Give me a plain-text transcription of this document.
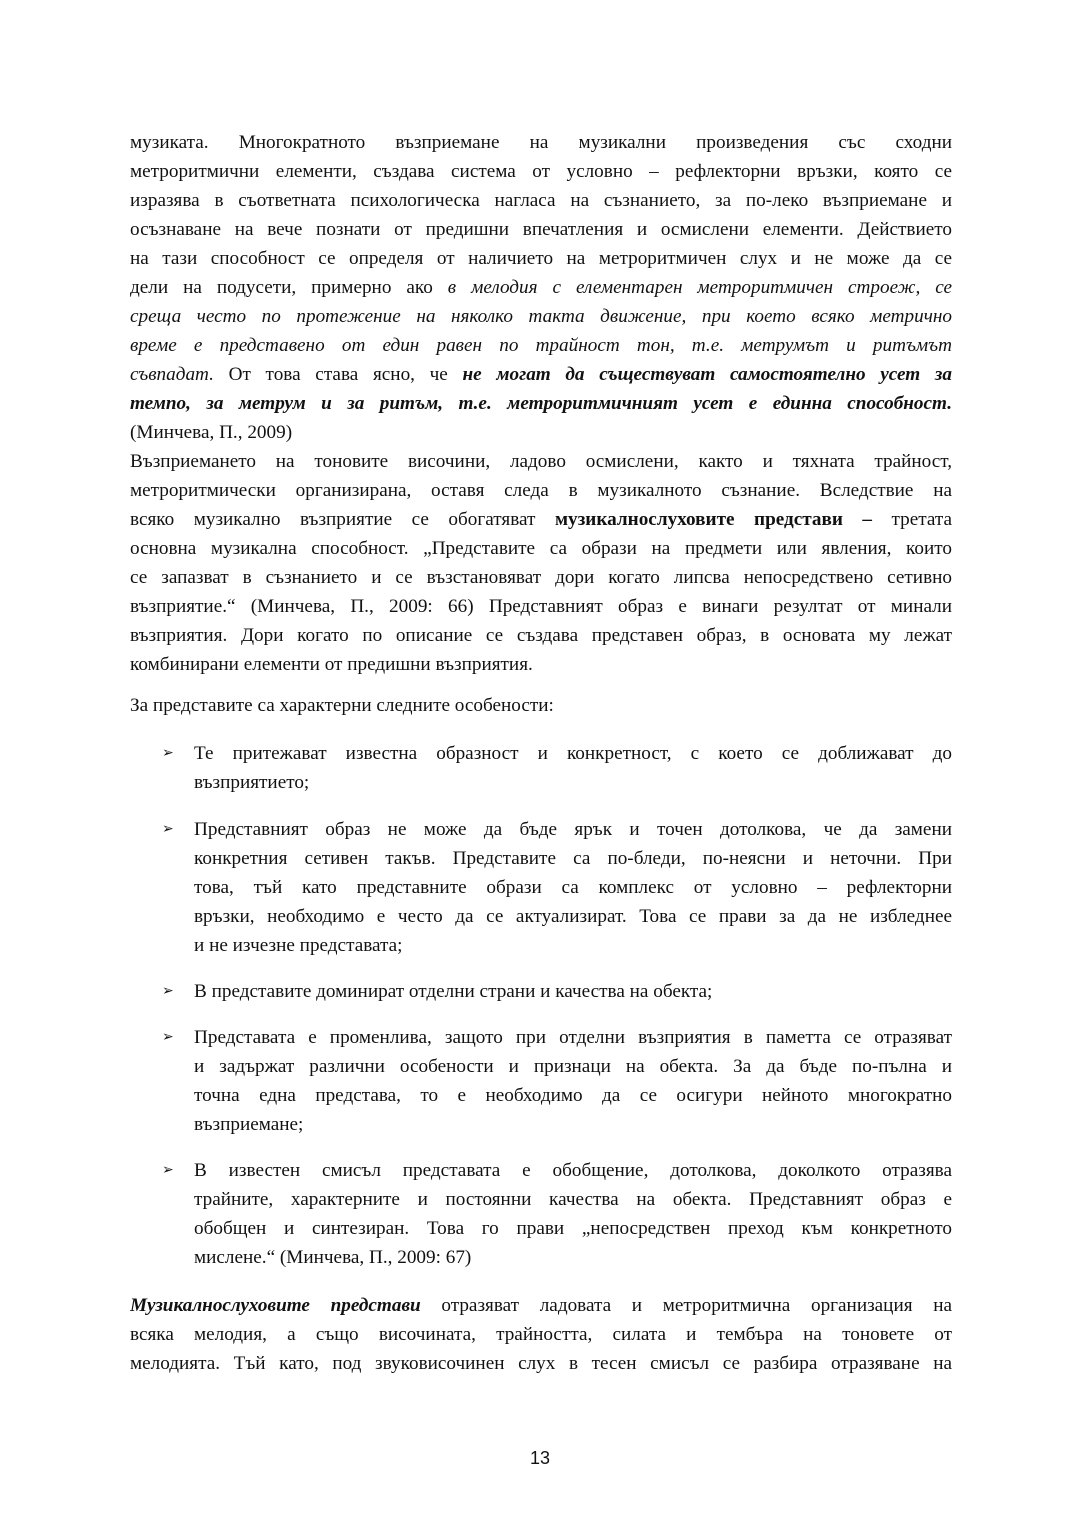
музиката. Многократното възприемане на музикални произведения със сходни
метроритмични елементи, създава система от условно – рефлекторни връзки, която се
изразява в съответната психологическа нагласа на съзнанието, за по-леко възприемане и
осъзнаване на вече познати от предишни впечатления и осмислени елементи. Действието
на тази способност се определя от наличието на метроритмичен слух и не може да се
дели на подусети, примерно ако в мелодия с елементарен метроритмичен строеж, се
среща често по протежение на няколко такта движение, при което всяко метрично
време е представено от един равен по трайност тон, т.е. метрумът и ритъмът
съвпадат. От това става ясно, че не могат да съществуват самостоятелно усет за
темпо, за метрум и за ритъм, т.е. метроритмичният усет е единна способност.
(Минчева, П., 2009)
Възприемането на тоновите височини, ладово осмислени, както и тяхната трайност,
метроритмически организирана, оставя следа в музикалното съзнание. Вследствие на
всяко музикално възприятие се обогатяват музикалнослуховите представи – третата
основна музикална способност. „Представите са образи на предмети или явления, които
се запазват в съзнанието и се възстановяват дори когато липсва непосредствено сетивно
възприятие.“ (Минчева, П., 2009: 66) Представният образ е винаги резултат от минали
възприятия. Дори когато по описание се създава представен образ, в основата му лежат
комбинирани елементи от предишни възприятия.
За представите са характерни следните особености:
➢	Те притежават известна образност и конкретност, с което се доближават до
възприятието;
➢	Представният образ не може да бъде ярък и точен дотолкова, че да замени
конкретния сетивен такъв. Представите са по-бледи, по-неясни и неточни. При
това, тъй като представните образи са комплекс от условно – рефлекторни
връзки, необходимо е често да се актуализират. Това се прави за да не избледнее
и не изчезне представата;
➢	В представите доминират отделни страни и качества на обекта;
➢	Представата е променлива, защото при отделни възприятия в паметта се отразяват
и задържат различни особености и признаци на обекта. За да бъде по-пълна и
точна една представа, то е необходимо да се осигури нейното многократно
възприемане;
➢	В известен смисъл представата е обобщение, дотолкова, доколкото отразява
трайните, характерните и постоянни качества на обекта. Представният образ е
обобщен и синтезиран. Това го прави „непосредствен преход към конкретното
мислене.“ (Минчева, П., 2009: 67)
Музикалнослуховите представи отразяват ладовата и метроритмична организация на
всяка мелодия, а също височината, трайността, силата и тембъра на тоновете от
мелодията. Тъй като, под звуковисочинен слух в тесен смисъл се разбира отразяване на
13
